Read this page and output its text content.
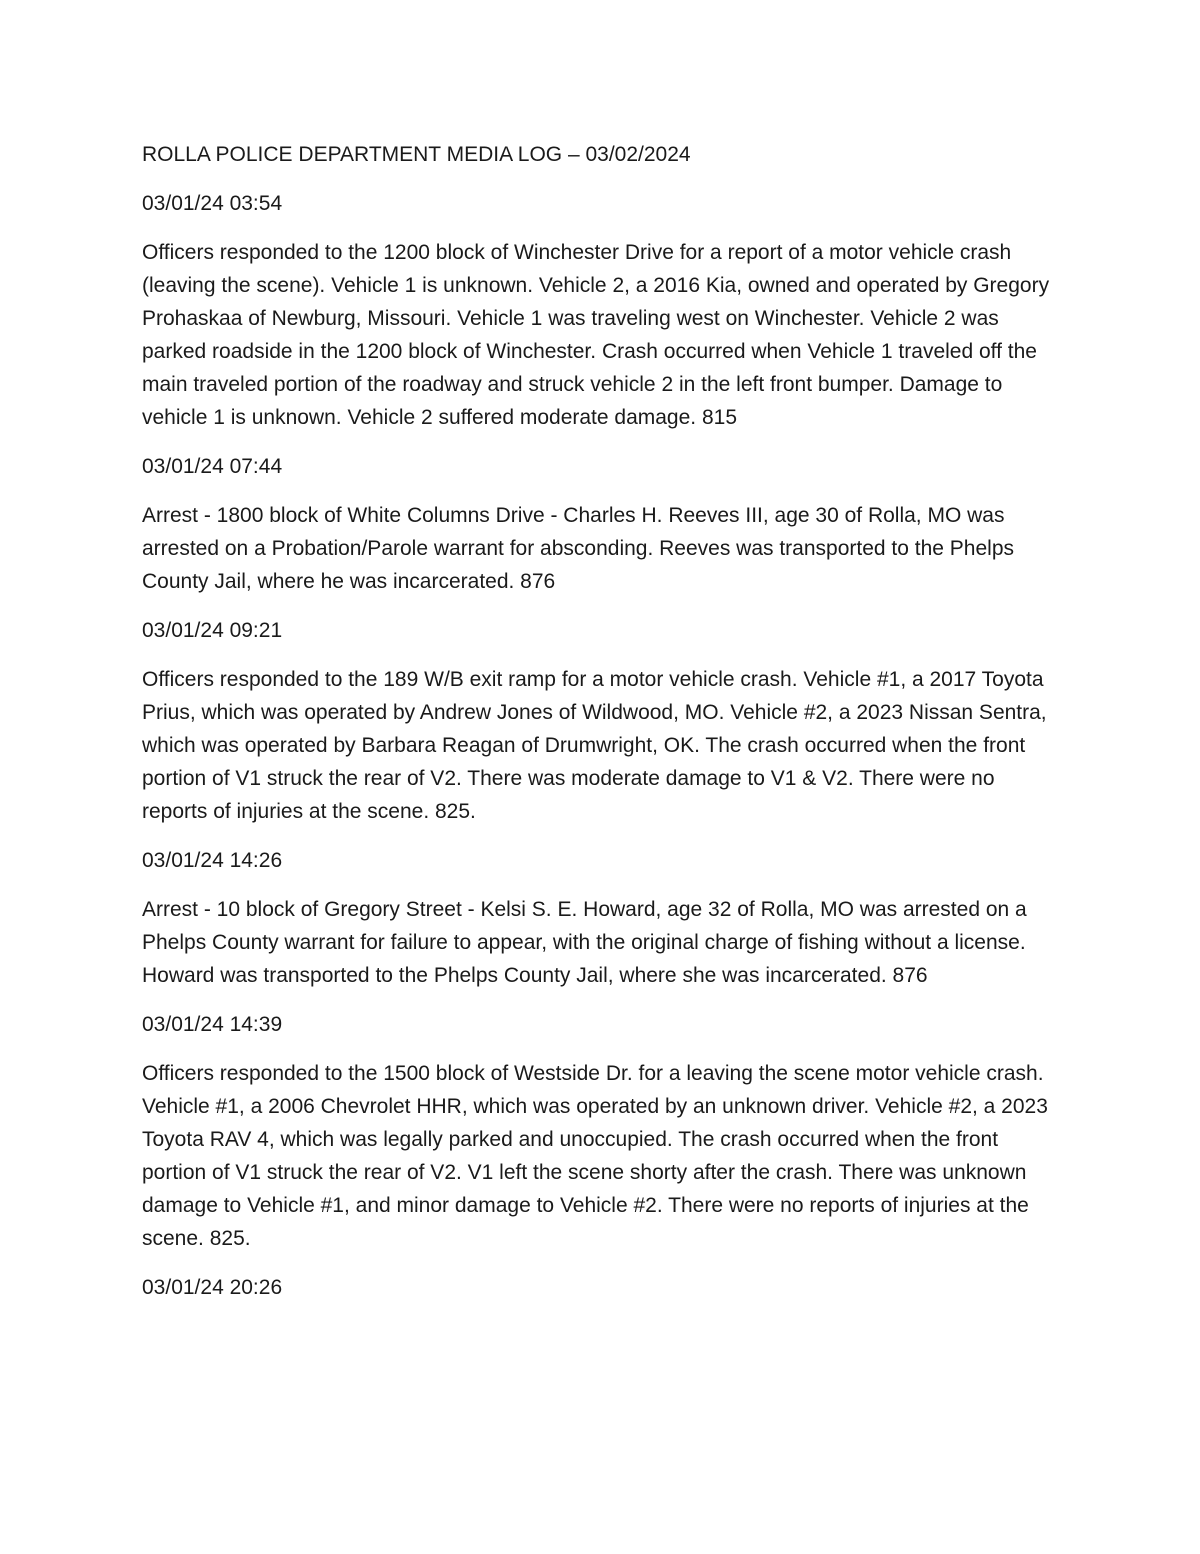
ROLLA POLICE DEPARTMENT MEDIA LOG – 03/02/2024
03/01/24 03:54
Officers responded to the 1200 block of Winchester Drive for a report of a motor vehicle crash (leaving the scene). Vehicle 1 is unknown. Vehicle 2, a 2016 Kia, owned and operated by Gregory Prohaskaa of Newburg, Missouri. Vehicle 1 was traveling west on Winchester. Vehicle 2 was parked roadside in the 1200 block of Winchester. Crash occurred when Vehicle 1 traveled off the main traveled portion of the roadway and struck vehicle 2 in the left front bumper. Damage to vehicle 1 is unknown. Vehicle 2 suffered moderate damage. 815
03/01/24 07:44
Arrest - 1800 block of White Columns Drive - Charles H. Reeves III, age 30 of Rolla, MO was arrested on a Probation/Parole warrant for absconding. Reeves was transported to the Phelps County Jail, where he was incarcerated. 876
03/01/24 09:21
Officers responded to the 189 W/B exit ramp for a motor vehicle crash. Vehicle #1, a 2017 Toyota Prius, which was operated by Andrew Jones of Wildwood, MO. Vehicle #2, a 2023 Nissan Sentra, which was operated by Barbara Reagan of Drumwright, OK. The crash occurred when the front portion of V1 struck the rear of V2. There was moderate damage to V1 & V2. There were no reports of injuries at the scene. 825.
03/01/24 14:26
Arrest - 10 block of Gregory Street - Kelsi S. E. Howard, age 32 of Rolla, MO was arrested on a Phelps County warrant for failure to appear, with the original charge of fishing without a license. Howard was transported to the Phelps County Jail, where she was incarcerated. 876
03/01/24 14:39
Officers responded to the 1500 block of Westside Dr. for a leaving the scene motor vehicle crash. Vehicle #1, a 2006 Chevrolet HHR, which was operated by an unknown driver. Vehicle #2, a 2023 Toyota RAV 4, which was legally parked and unoccupied. The crash occurred when the front portion of V1 struck the rear of V2. V1 left the scene shorty after the crash. There was unknown damage to Vehicle #1, and minor damage to Vehicle #2. There were no reports of injuries at the scene. 825.
03/01/24 20:26
